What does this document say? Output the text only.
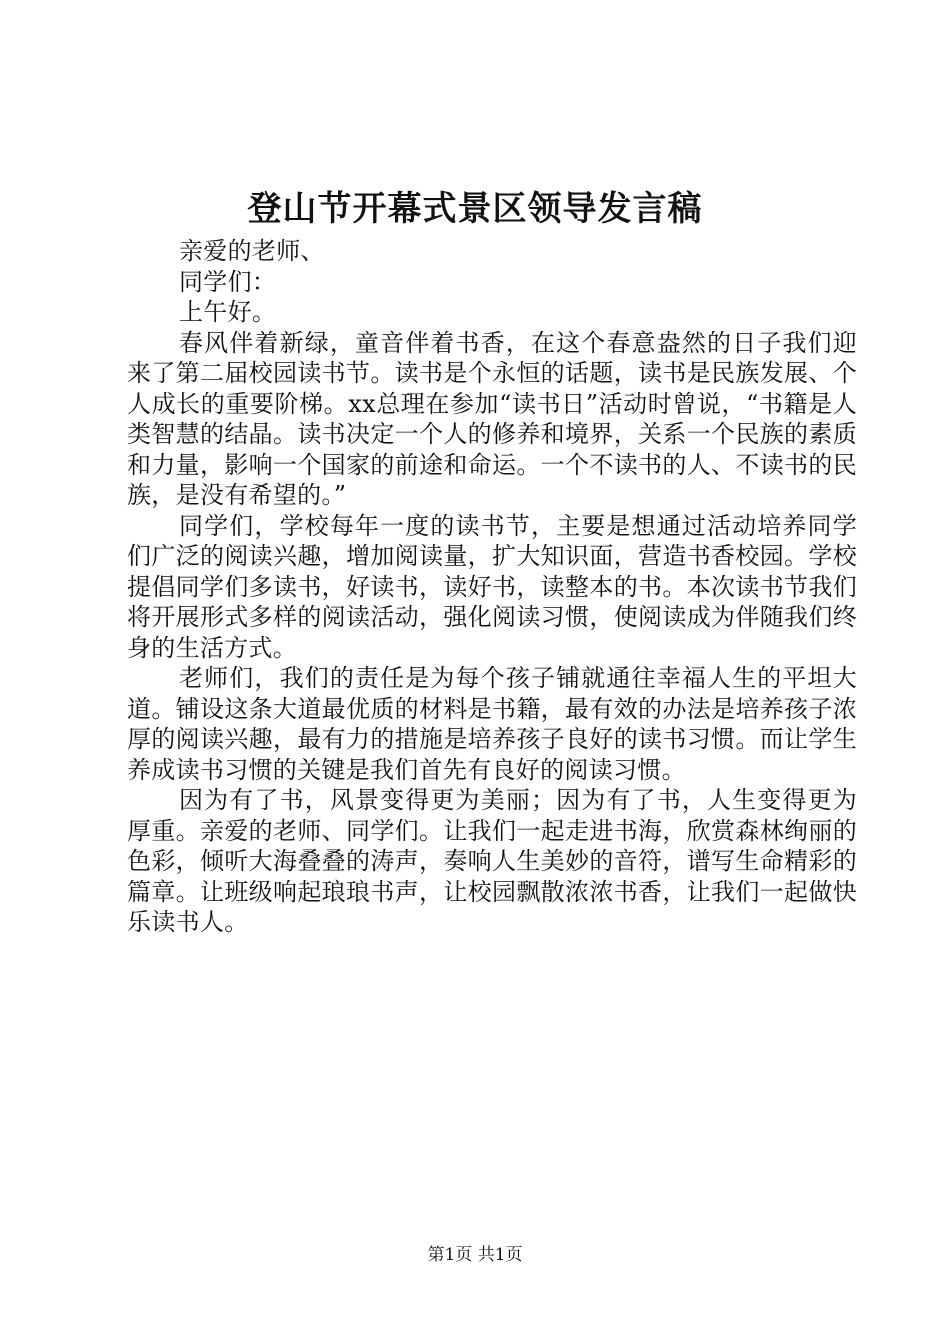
登山节开幕式景区领导发言稿

亲爱的老师、

同学们：

上午好。

春风伴着新绿，童音伴着书香，在这个春意盎然的日子我们迎来了第二届校园读书节。读书是个永恒的话题，读书是民族发展、个人成长的重要阶梯。xx总理在参加“读书日”活动时曾说，“书籍是人类智慧的结晶。读书决定一个人的修养和境界，关系一个民族的素质和力量，影响一个国家的前途和命运。一个不读书的人、不读书的民族，是没有希望的。”

同学们，学校每年一度的读书节，主要是想通过活动培养同学们广泛的阅读兴趣，增加阅读量，扩大知识面，营造书香校园。学校提倡同学们多读书，好读书，读好书，读整本的书。本次读书节我们将开展形式多样的阅读活动，强化阅读习惯，使阅读成为伴随我们终身的生活方式。

老师们，我们的责任是为每个孩子铺就通往幸福人生的平坦大道。铺设这条大道最优质的材料是书籍，最有效的办法是培养孩子浓厚的阅读兴趣，最有力的措施是培养孩子良好的读书习惯。而让学生养成读书习惯的关键是我们首先有良好的阅读习惯。

因为有了书，风景变得更为美丽；因为有了书，人生变得更为厚重。亲爱的老师、同学们。让我们一起走进书海，欣赏森林绚丽的色彩，倾听大海叠叠的涛声，奏响人生美妙的音符，谱写生命精彩的篇章。让班级响起琅琅书声，让校园飘散浓浓书香，让我们一起做快乐读书人。

第1页 共1页
